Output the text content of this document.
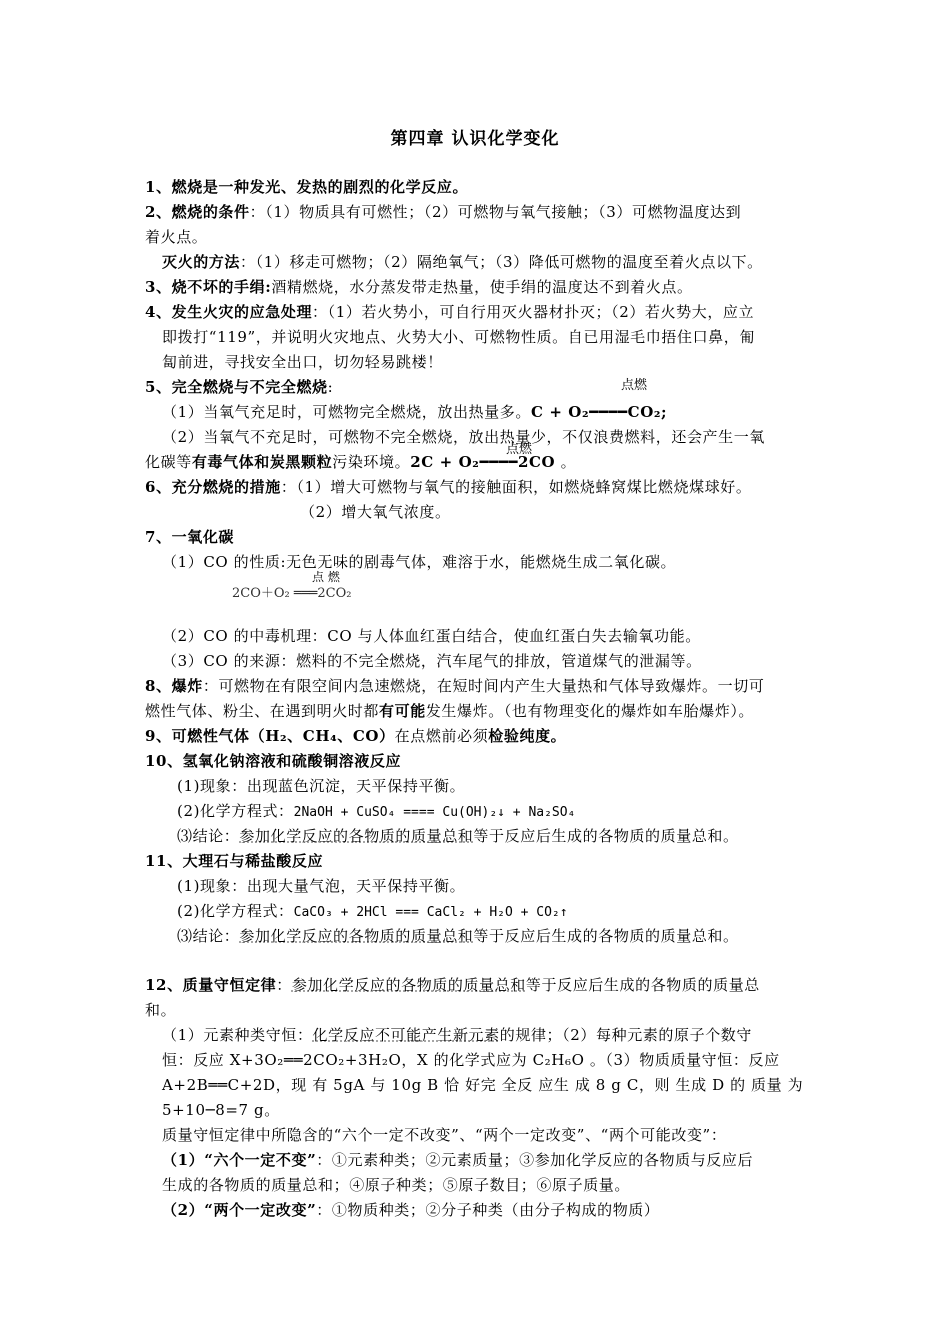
第四章 认识化学变化
1、燃烧是一种发光、发热的剧烈的化学反应。
2、燃烧的条件：（1）物质具有可燃性；（2）可燃物与氧气接触；（3）可燃物温度达到
着火点。
灭火的方法：（1）移走可燃物；（2）隔绝氧气；（3）降低可燃物的温度至着火点以下。
3、烧不坏的手绢:酒精燃烧，水分蒸发带走热量，使手绢的温度达不到着火点。
4、发生火灾的应急处理：（1）若火势小，可自行用灭火器材扑灭；（2）若火势大，应立
即拨打“119”，并说明火灾地点、火势大小、可燃物性质。自已用湿毛巾捂住口鼻，匍
匐前进，寻找安全出口，切勿轻易跳楼！
5、完全燃烧与不完全燃烧:	点燃
（1）当氧气充足时，可燃物完全燃烧，放出热量多。C + O₂━━━━CO₂;
（2）当氧气不充足时，可燃物不完全燃烧，放出热量少，不仅浪费燃料，还会产生一氧
点燃
化碳等有毒气体和炭黑颗粒污染环境。2C + O₂━━━━2CO 。
6、充分燃烧的措施：（1）增大可燃物与氧气的接触面积，如燃烧蜂窝煤比燃烧煤球好。
（2）增大氧气浓度。
7、一氧化碳
（1）CO 的性质:无色无味的剧毒气体，难溶于水，能燃烧生成二氧化碳。
点 燃
2CO＋O₂ ═══2CO₂
（2）CO 的中毒机理：CO 与人体血红蛋白结合，使血红蛋白失去输氧功能。
（3）CO 的来源：燃料的不完全燃烧，汽车尾气的排放，管道煤气的泄漏等。
8、爆炸：可燃物在有限空间内急速燃烧，在短时间内产生大量热和气体导致爆炸。一切可
燃性气体、粉尘、在遇到明火时都有可能发生爆炸。（也有物理变化的爆炸如车胎爆炸）。
9、可燃性气体（H₂、CH₄、CO）在点燃前必须检验纯度。
10、氢氧化钠溶液和硫酸铜溶液反应
(1)现象：出现蓝色沉淀，天平保持平衡。
(2)化学方程式：2NaOH + CuSO₄ ==== Cu(OH)₂↓ + Na₂SO₄
⑶结论：参加化学反应的各物质的质量总和等于反应后生成的各物质的质量总和。
11、大理石与稀盐酸反应
(1)现象：出现大量气泡，天平保持平衡。
(2)化学方程式：CaCO₃ + 2HCl === CaCl₂ + H₂O + CO₂↑
⑶结论：参加化学反应的各物质的质量总和等于反应后生成的各物质的质量总和。
12、质量守恒定律：参加化学反应的各物质的质量总和等于反应后生成的各物质的质量总
和。
（1）元素种类守恒：化学反应不可能产生新元素的规律；（2）每种元素的原子个数守
恒：反应 X+3O₂══2CO₂+3H₂O，X 的化学式应为 C₂H₆O 。（3）物质质量守恒：反应
A+2B══C+2D，现 有 5gA 与 10g B 恰 好完 全反 应生 成 8 g C，则 生成 D 的 质量 为
5+10─8=7 g。
质量守恒定律中所隐含的“六个一定不改变”、“两个一定改变”、“两个可能改变”：
（1）“六个一定不变”：①元素种类；②元素质量；③参加化学反应的各物质与反应后
生成的各物质的质量总和；④原子种类；⑤原子数目；⑥原子质量。
（2）“两个一定改变”：①物质种类；②分子种类（由分子构成的物质）
